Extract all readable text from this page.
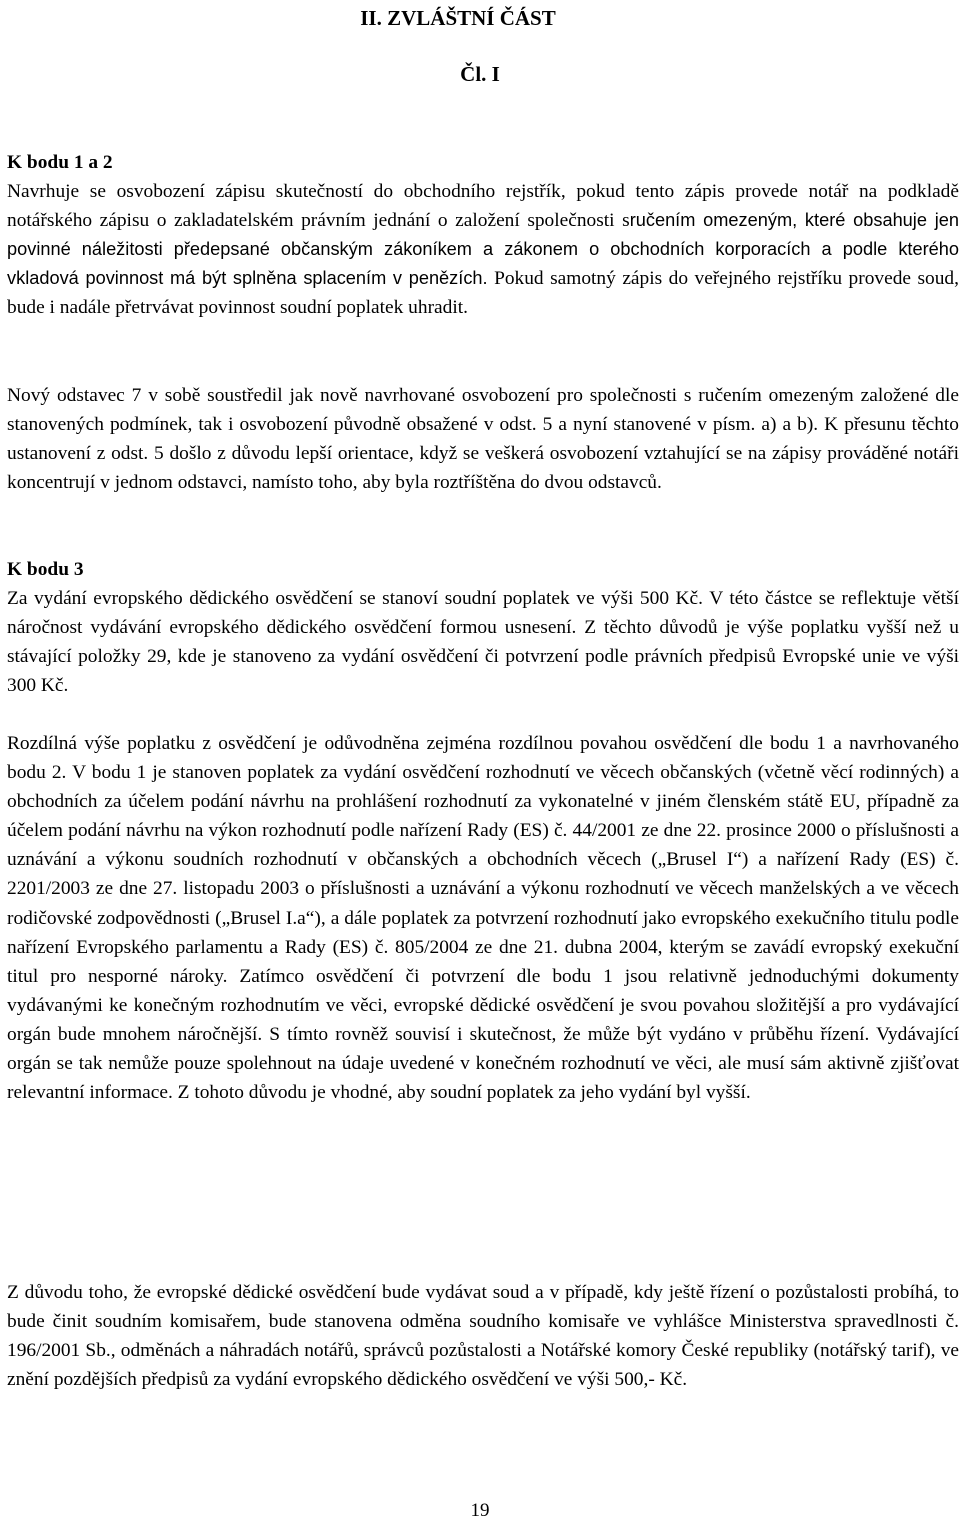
II. ZVLÁŠTNÍ ČÁST
Čl. I
K bodu 1 a 2
Navrhuje se osvobození zápisu skutečností do obchodního rejstřík, pokud tento zápis provede notář na podkladě notářského zápisu o zakladatelském právním jednání o založení společnosti sručením omezeným, které obsahuje jen povinné náležitosti předepsané občanským zákoníkem a zákonem o obchodních korporacích a podle kterého vkladová povinnost má být splněna splacením v penězích. Pokud samotný zápis do veřejného rejstříku provede soud, bude i nadále přetrvávat povinnost soudní poplatek uhradit.
Nový odstavec 7 v sobě soustředil jak nově navrhované osvobození pro společnosti s ručením omezeným založené dle stanovených podmínek, tak i osvobození původně obsažené v odst. 5 a nyní stanovené v písm. a) a b). K přesunu těchto ustanovení z odst. 5 došlo z důvodu lepší orientace, když se veškerá osvobození vztahující se na zápisy prováděné notáři koncentrují v jednom odstavci, namísto toho, aby byla roztříštěna do dvou odstavců.
K bodu 3
Za vydání evropského dědického osvědčení se stanoví soudní poplatek ve výši 500 Kč. V této částce se reflektuje větší náročnost vydávání evropského dědického osvědčení formou usnesení. Z těchto důvodů je výše poplatku vyšší než u stávající položky 29, kde je stanoveno za vydání osvědčení či potvrzení podle právních předpisů Evropské unie ve výši 300 Kč.
Rozdílná výše poplatku z osvědčení je odůvodněna zejména rozdílnou povahou osvědčení dle bodu 1 a navrhovaného bodu 2. V bodu 1 je stanoven poplatek za vydání osvědčení rozhodnutí ve věcech občanských (včetně věcí rodinných) a obchodních za účelem podání návrhu na prohlášení rozhodnutí za vykonatelné v jiném členském státě EU, případně za účelem podání návrhu na výkon rozhodnutí podle nařízení Rady (ES) č. 44/2001 ze dne 22. prosince 2000 o příslušnosti a uznávání a výkonu soudních rozhodnutí v občanských a obchodních věcech („Brusel I“) a nařízení Rady (ES) č. 2201/2003 ze dne 27. listopadu 2003 o příslušnosti a uznávání a výkonu rozhodnutí ve věcech manželských a ve věcech rodičovské zodpovědnosti („Brusel I.a“), a dále poplatek za potvrzení rozhodnutí jako evropského exekučního titulu podle nařízení Evropského parlamentu a Rady (ES) č. 805/2004 ze dne 21. dubna 2004, kterým se zavádí evropský exekuční titul pro nesporné nároky. Zatímco osvědčení či potvrzení dle bodu 1 jsou relativně jednoduchými dokumenty vydávanými ke konečným rozhodnutím ve věci, evropské dědické osvědčení je svou povahou složitější a pro vydávající orgán bude mnohem náročnější. S tímto rovněž souvisí i skutečnost, že může být vydáno v průběhu řízení. Vydávající orgán se tak nemůže pouze spolehnout na údaje uvedené v konečném rozhodnutí ve věci, ale musí sám aktivně zjišťovat relevantní informace. Z tohoto důvodu je vhodné, aby soudní poplatek za jeho vydání byl vyšší.
Z důvodu toho, že evropské dědické osvědčení bude vydávat soud a v případě, kdy ještě řízení o pozůstalosti probíhá, to bude činit soudním komisařem, bude stanovena odměna soudního komisaře ve vyhlášce Ministerstva spravedlnosti č. 196/2001 Sb., odměnách a náhradách notářů, správců pozůstalosti a Notářské komory České republiky (notářský tarif), ve znění pozdějších předpisů za vydání evropského dědického osvědčení ve výši 500,- Kč.
19
